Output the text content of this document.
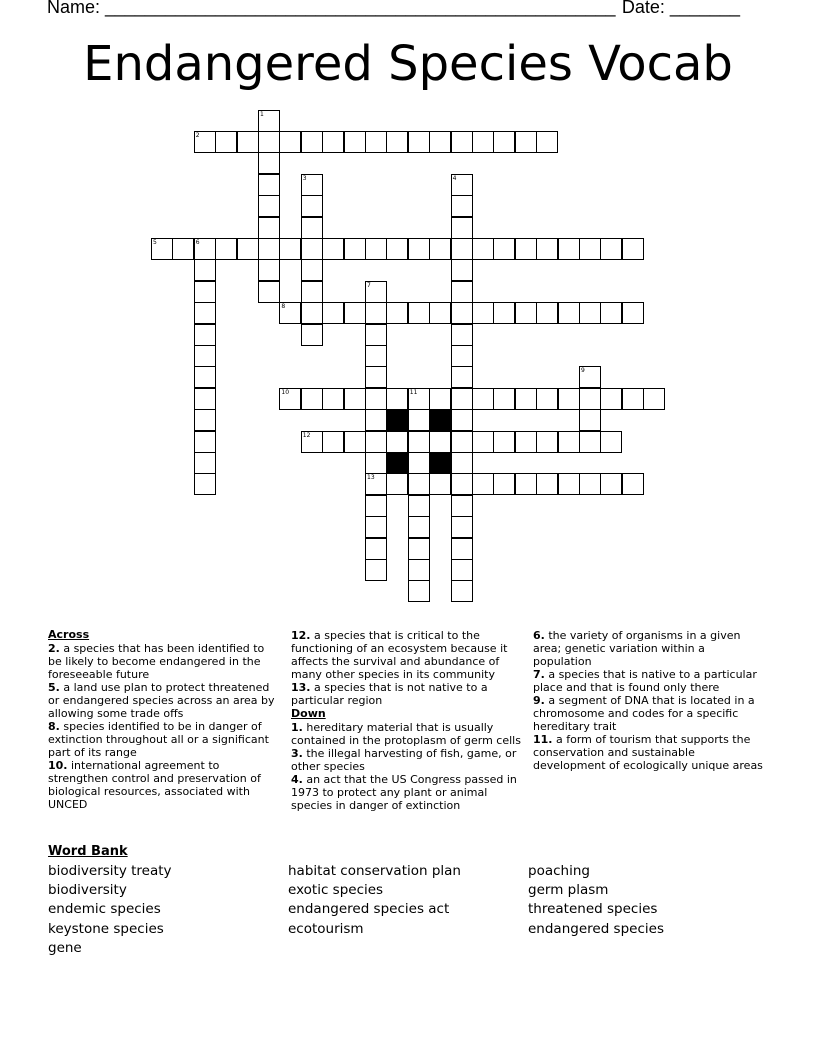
Name: ___________________________________________________ Date: _______
Endangered Species Vocab
2
5	6
8
10	11
12
13
1
3	4
7
9
Across
2. a species that has been identified to be likely to become endangered in the foreseeable future
5. a land use plan to protect threatened or endangered species across an area by allowing some trade offs
8. species identified to be in danger of extinction throughout all or a significant part of its range
10. international agreement to strengthen control and preservation of biological resources, associated with UNCED
12. a species that is critical to the functioning of an ecosystem because it affects the survival and abundance of many other species in its community
13. a species that is not native to a particular region
Down
1. hereditary material that is usually contained in the protoplasm of germ cells
3. the illegal harvesting of fish, game, or other species
4. an act that the US Congress passed in 1973 to protect any plant or animal species in danger of extinction
6. the variety of organisms in a given area; genetic variation within a population
7. a species that is native to a particular place and that is found only there
9. a segment of DNA that is located in a chromosome and codes for a specific hereditary trait
11. a form of tourism that supports the conservation and sustainable development of ecologically unique areas
Word Bank
biodiversity treaty
biodiversity
endemic species
keystone species
gene
habitat conservation plan
exotic species
endangered species act
ecotourism
poaching
germ plasm
threatened species
endangered species
